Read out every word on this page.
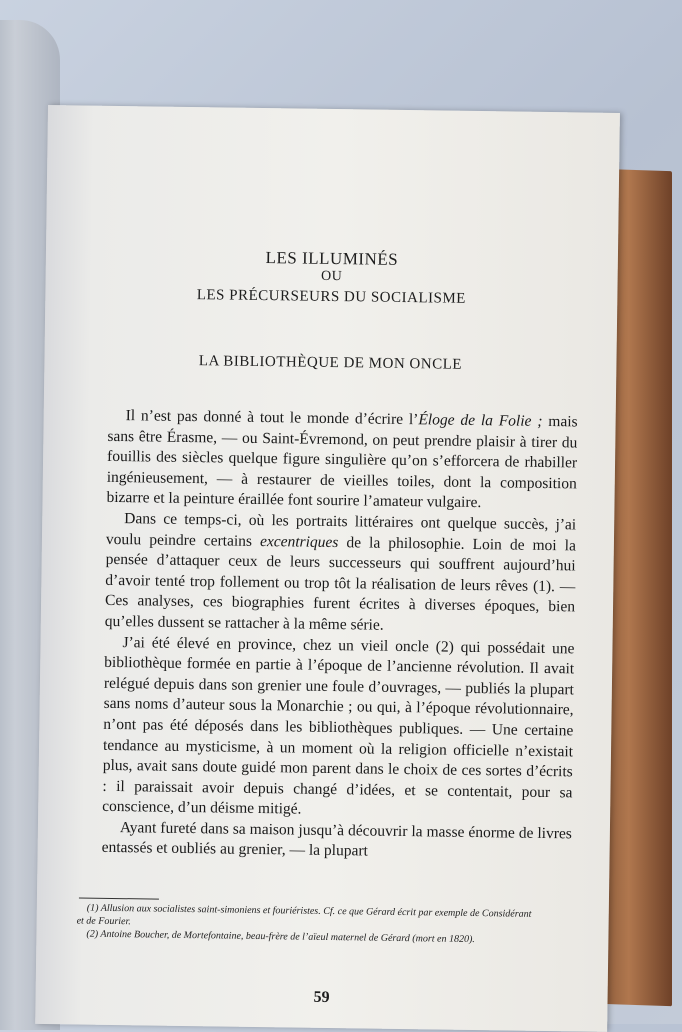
LES ILLUMINÉS
OU
LES PRÉCURSEURS DU SOCIALISME
LA BIBLIOTHÈQUE DE MON ONCLE

Il n’est pas donné à tout le monde d’écrire l’Éloge de la Folie ; mais sans être Érasme, — ou Saint-Évremond, on peut prendre plaisir à tirer du fouillis des siècles quelque figure singulière qu’on s’efforcera de rhabiller ingénieusement, — à restaurer de vieilles toiles, dont la composition bizarre et la peinture éraillée font sourire l’amateur vulgaire.

Dans ce temps-ci, où les portraits littéraires ont quelque succès, j’ai voulu peindre certains excentriques de la philosophie. Loin de moi la pensée d’attaquer ceux de leurs successeurs qui souffrent aujourd’hui d’avoir tenté trop follement ou trop tôt la réalisation de leurs rêves (1). — Ces analyses, ces biographies furent écrites à diverses époques, bien qu’elles dussent se rattacher à la même série.

J’ai été élevé en province, chez un vieil oncle (2) qui possédait une bibliothèque formée en partie à l’époque de l’ancienne révolution. Il avait relégué depuis dans son grenier une foule d’ouvrages, — publiés la plupart sans noms d’auteur sous la Monarchie ; ou qui, à l’époque révolutionnaire, n’ont pas été déposés dans les bibliothèques publiques. — Une certaine tendance au mysticisme, à un moment où la religion officielle n’existait plus, avait sans doute guidé mon parent dans le choix de ces sortes d’écrits : il paraissait avoir depuis changé d’idées, et se contentait, pour sa conscience, d’un déisme mitigé.

Ayant fureté dans sa maison jusqu’à découvrir la masse énorme de livres entassés et oubliés au grenier, — la plupart

(1) Allusion aux socialistes saint-simoniens et fouriéristes. Cf. ce que Gérard écrit par exemple de Considérant et de Fourier.

(2) Antoine Boucher, de Mortefontaine, beau-frère de l’aïeul maternel de Gérard (mort en 1820).

59
